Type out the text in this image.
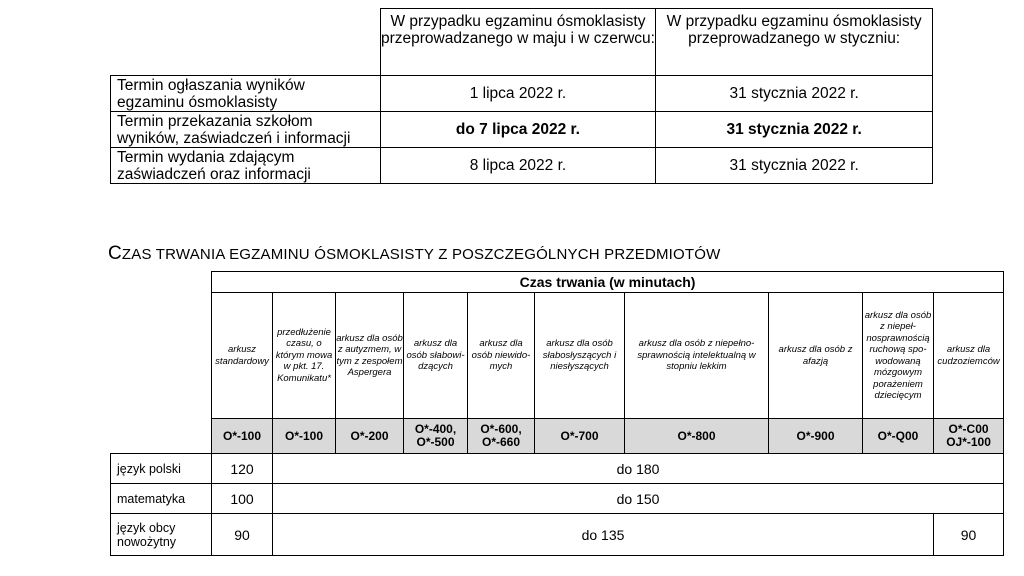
	W przypadku egzaminu ósmoklasisty przeprowadzanego w maju i w czerwcu:	W przypadku egzaminu ósmoklasisty przeprowadzanego w styczniu:
Termin ogłaszania wyników egzaminu ósmoklasisty	1 lipca 2022 r.	31 stycznia 2022 r.
Termin przekazania szkołom wyników, zaświadczeń i informacji	do 7 lipca 2022 r.	31 stycznia 2022 r.
Termin wydania zdającym zaświadczeń oraz informacji	8 lipca 2022 r.	31 stycznia 2022 r.
CZAS TRWANIA EGZAMINU ÓSMOKLASISTY Z POSZCZEGÓLNYCH PRZEDMIOTÓW
	Czas trwania (w minutach)									
	arkusz standardowy	przedłużenie czasu, o którym mowa w pkt. 17. Komunikatu*	arkusz dla osób z autyzmem, w tym z zespołem Aspergera	arkusz dla osób słabowidzących	arkusz dla osób niewidomych	arkusz dla osób słabosłyszących i niesłyszących	arkusz dla osób z niepełnosprawnością intelektualną w stopniu lekkim	arkusz dla osób z afazją	arkusz dla osób z niepełnosprawnością ruchową spowodowaną mózgowym porażeniem dziecięcym	arkusz dla cudzoziemców
	O*-100	O*-100	O*-200	O*-400, O*-500	O*-600, O*-660	O*-700	O*-800	O*-900	O*-Q00	O*-C00 OJ*-100
język polski	120	do 180								
matematyka	100	do 150								
język obcy nowożytny	90	do 135								90
